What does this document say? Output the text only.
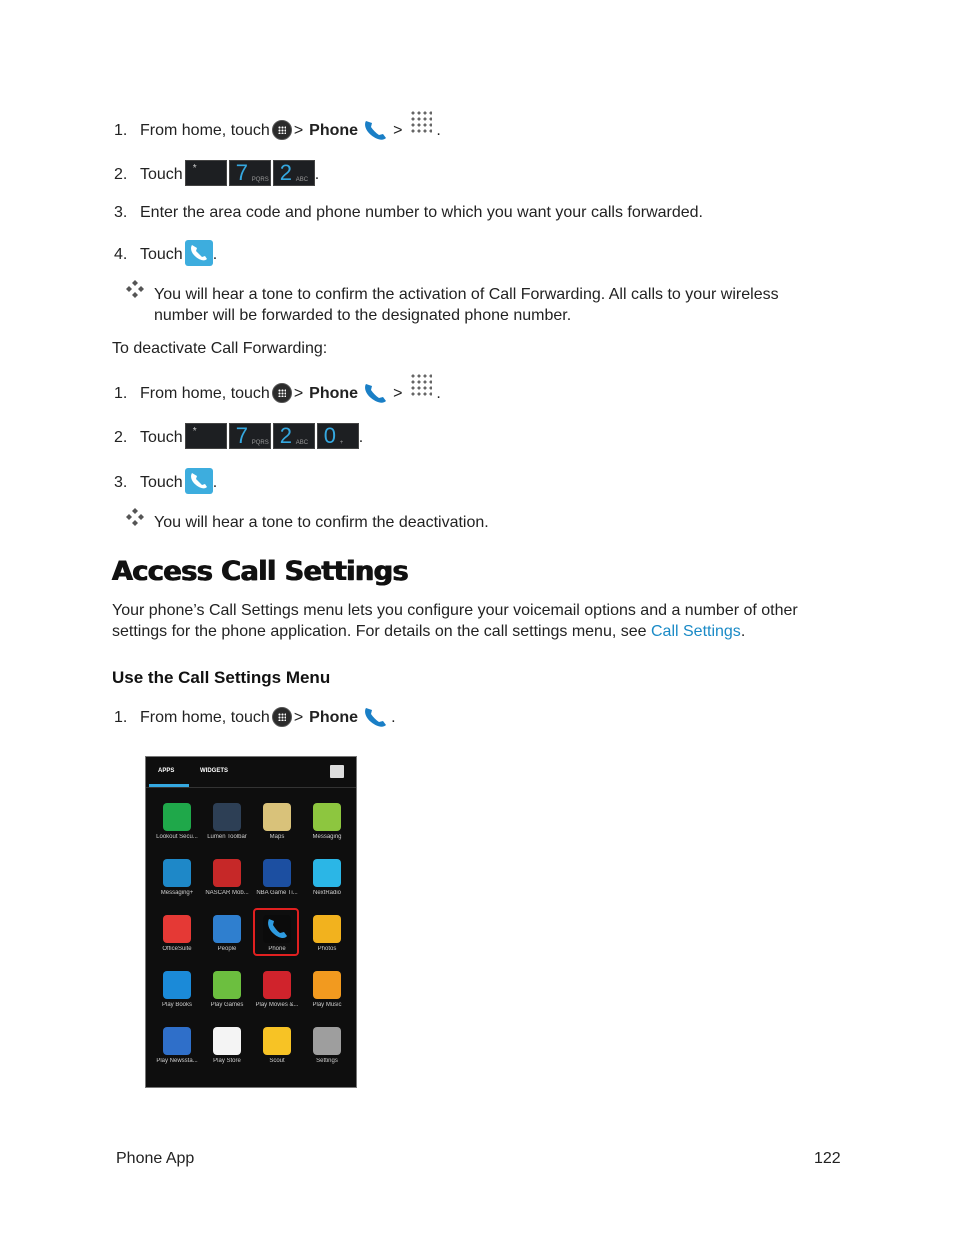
1. From home, touch > Phone > .
2. Touch * 7 PQRS 2 ABC .
3. Enter the area code and phone number to which you want your calls forwarded.
4. Touch .
You will hear a tone to confirm the activation of Call Forwarding. All calls to your wireless number will be forwarded to the designated phone number.
To deactivate Call Forwarding:
1. From home, touch > Phone > .
2. Touch * 7 PQRS 2 ABC 0 + .
3. Touch .
You will hear a tone to confirm the deactivation.
Access Call Settings
Your phone’s Call Settings menu lets you configure your voicemail options and a number of other settings for the phone application. For details on the call settings menu, see Call Settings.
Use the Call Settings Menu
1. From home, touch > Phone .
APPS	WIDGETS
Lookout Secu...	Lumen Toolbar	Maps	Messaging
Messaging+	NASCAR Mob...	NBA Game Ti...	NextRadio
OfficeSuite	People	Phone	Photos
Play Books	Play Games	Play Movies &...	Play Music
Play Newssta...	Play Store	Scout	Settings
Phone App	122
